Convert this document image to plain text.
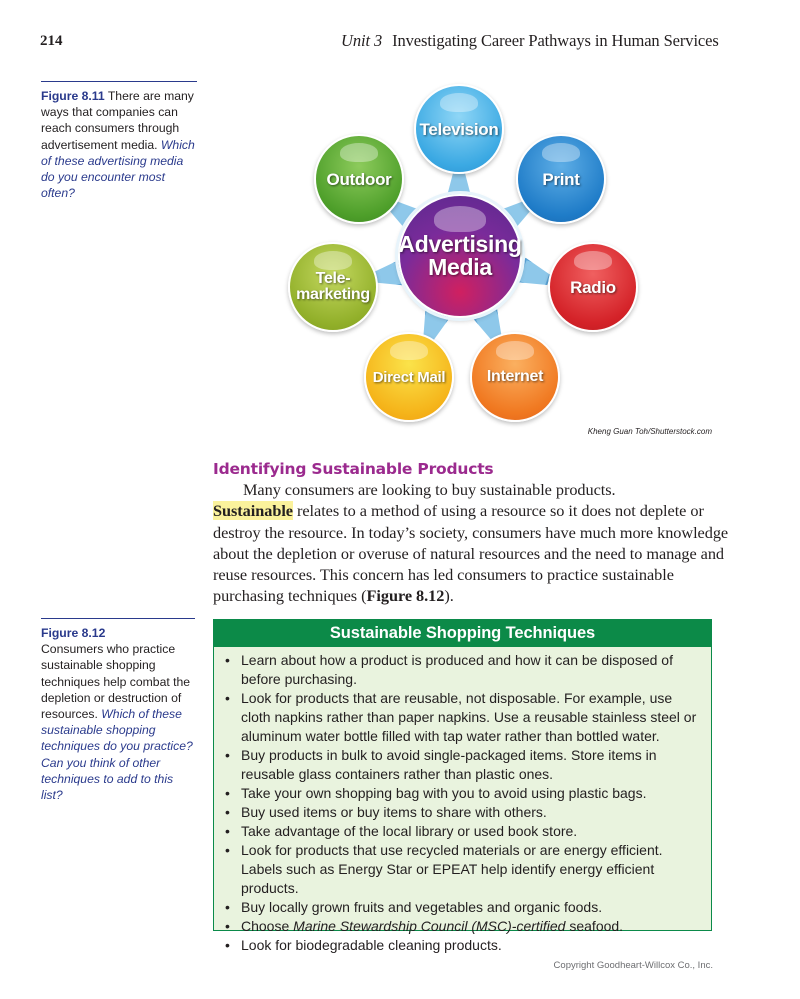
214	Unit 3 Investigating Career Pathways in Human Services
Figure 8.11 There are many ways that companies can reach consumers through advertisement media. Which of these advertising media do you encounter most often?
Television
Outdoor	Print
Advertising
Media
Radio
Tele-
marketing
Direct Mail	Internet
Kheng Guan Toh/Shutterstock.com
Identifying Sustainable Products

Many consumers are looking to buy sustainable products.
Sustainable relates to a method of using a resource so it does not deplete or destroy the resource. In today’s society, consumers have much more knowledge about the depletion or overuse of natural resources and the need to manage and reuse resources. This concern has led consumers to practice sustainable purchasing techniques (Figure 8.12).

Figure 8.12
Consumers who practice sustainable shopping techniques help combat the depletion or destruction of resources. Which of these sustainable shopping techniques do you practice? Can you think of other techniques to add to this list?
Sustainable Shopping Techniques
• Learn about how a product is produced and how it can be disposed of before purchasing.
• Look for products that are reusable, not disposable. For example, use cloth napkins rather than paper napkins. Use a reusable stainless steel or aluminum water bottle filled with tap water rather than bottled water.
• Buy products in bulk to avoid single-packaged items. Store items in reusable glass containers rather than plastic ones.
• Take your own shopping bag with you to avoid using plastic bags.
• Buy used items or buy items to share with others.
• Take advantage of the local library or used book store.
• Look for products that use recycled materials or are energy efficient. Labels such as Energy Star or EPEAT help identify energy efficient products.
• Buy locally grown fruits and vegetables and organic foods.
• Choose Marine Stewardship Council (MSC)-certified seafood.
• Look for biodegradable cleaning products.
Copyright Goodheart-Willcox Co., Inc.
